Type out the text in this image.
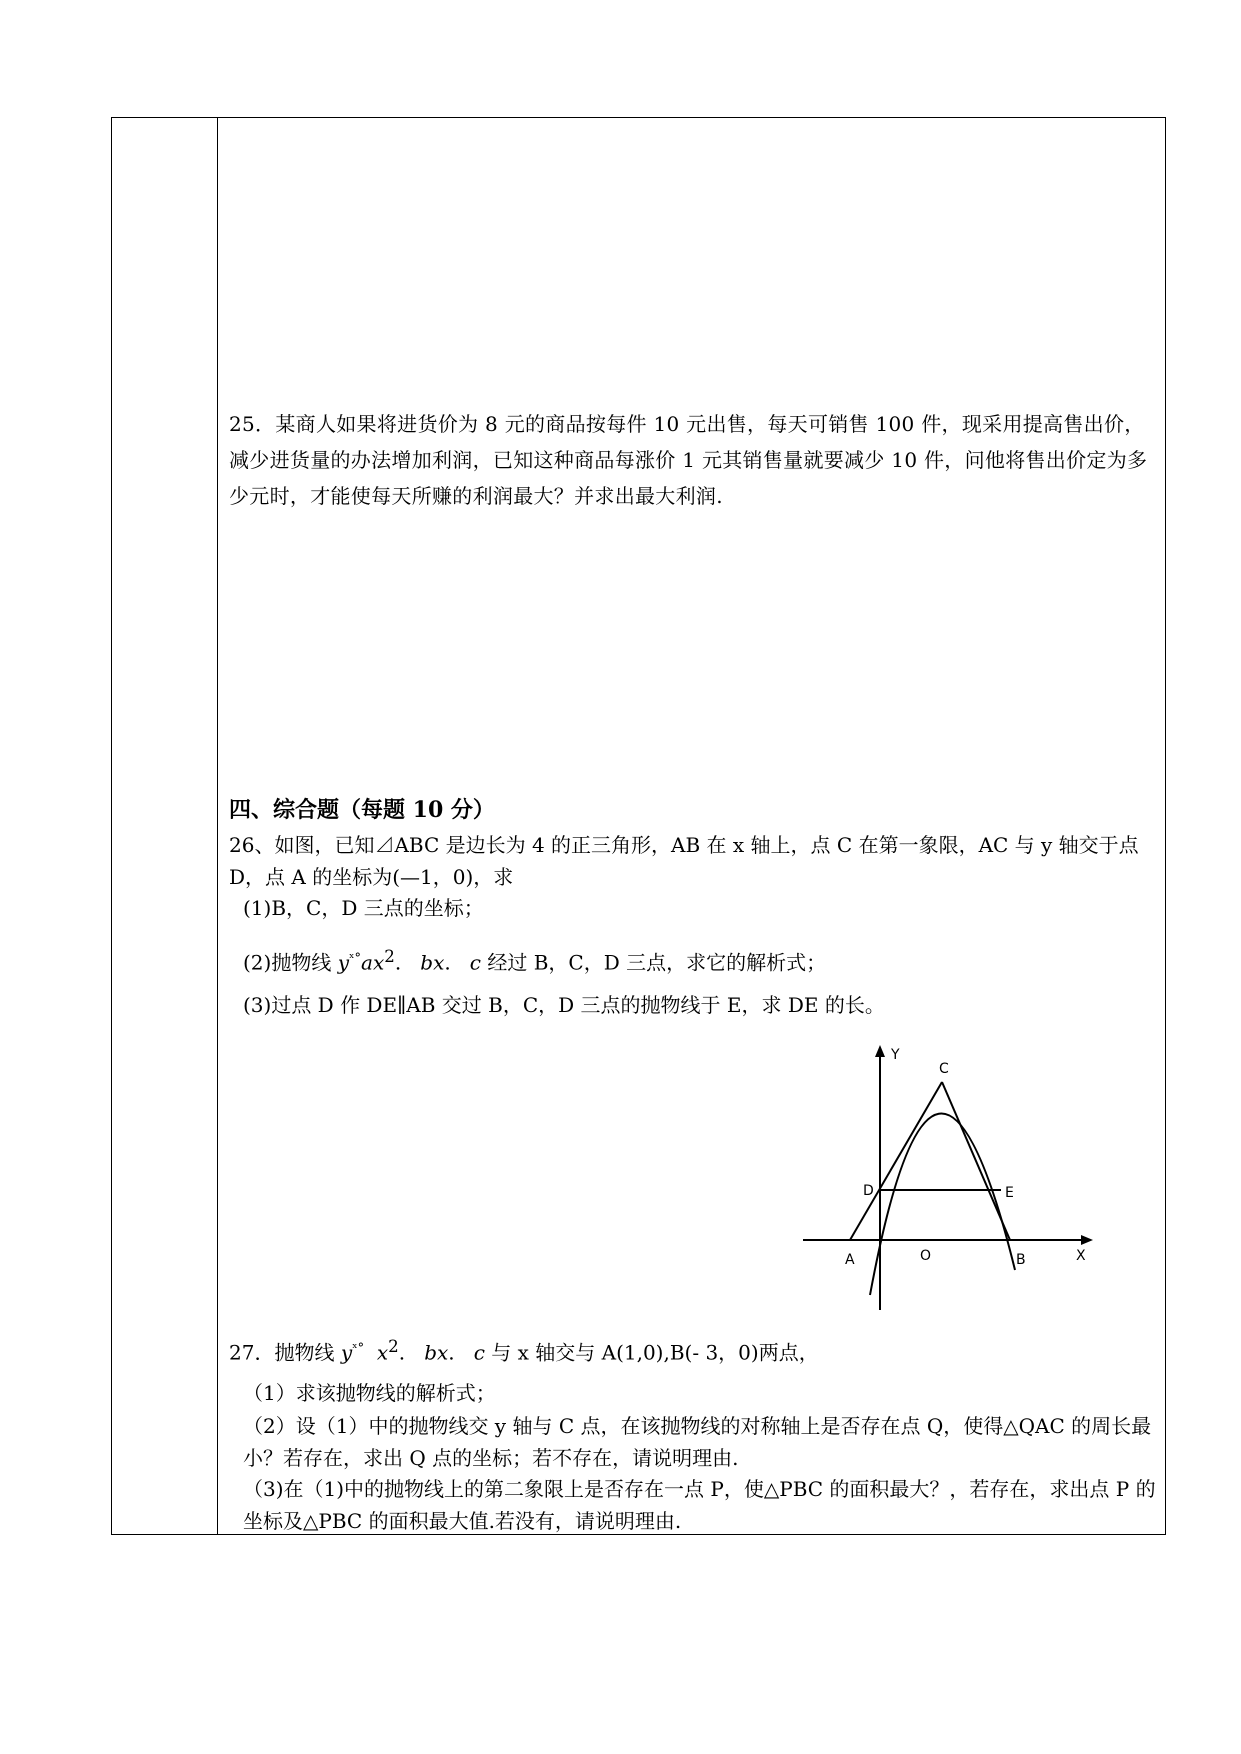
25．某商人如果将进货价为 8 元的商品按每件 10 元出售，每天可销售 100 件，现采用提高售出价，减少进货量的办法增加利润，已知这种商品每涨价 1 元其销售量就要减少 10 件，问他将售出价定为多少元时，才能使每天所赚的利润最大？并求出最大利润.
四、综合题（每题 10 分）
26、如图，已知⊿ABC 是边长为 4 的正三角形，AB 在 x 轴上，点 C 在第一象限，AC 与 y 轴交于点 D，点 A 的坐标为(—1，0)，求
(1)B，C，D 三点的坐标；
(2)抛物线 $y^{ˣ^\circ}ax^2$. bx. c 经过 B，C，D 三点，求它的解析式；
(3)过点 D 作 DE∥AB 交过 B，C，D 三点的抛物线于 E，求 DE 的长。
Y
X
C
D	E
A	O	B
27．抛物线 $y^{ˣ^\circ}$ $x^2$. bx. c 与 x 轴交与 A(1,0),B(- 3，0)两点，
（1）求该抛物线的解析式；
（2）设（1）中的抛物线交 y 轴与 C 点，在该抛物线的对称轴上是否存在点 Q，使得△QAC 的周长最小？若存在，求出 Q 点的坐标；若不存在，请说明理由.
（3)在（1)中的抛物线上的第二象限上是否存在一点 P，使△PBC 的面积最大？，若存在，求出点 P 的坐标及△PBC 的面积最大值.若没有，请说明理由.
